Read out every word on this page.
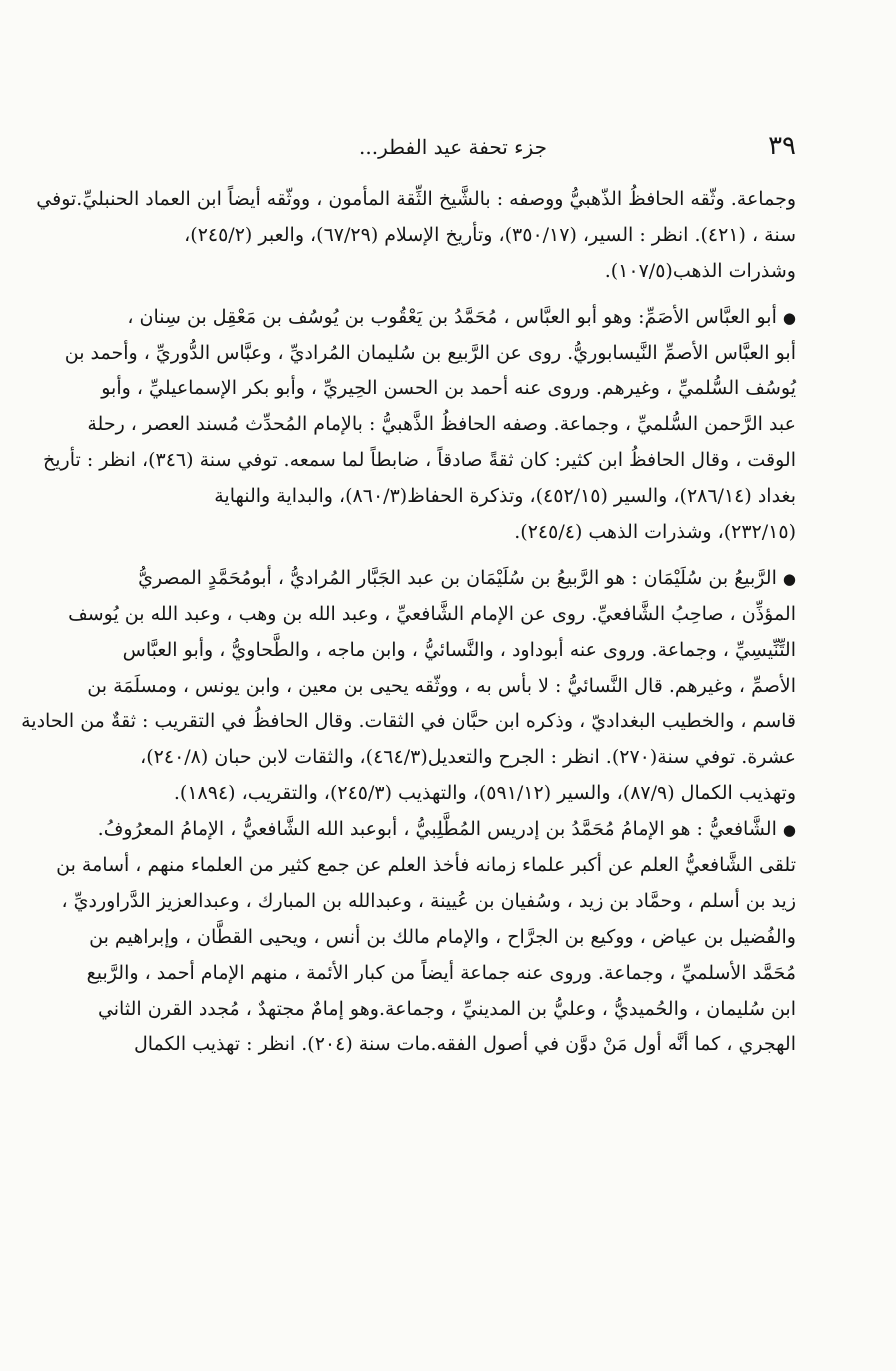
٣٩
جزء تحفة عيد الفطر...
وجماعة. وثّقه الحافظُ الذّهبيُّ ووصفه : بالشَّيخ الثِّقة المأمون ، ووثّقه أيضاً ابن العماد الحنبليِّ.توفي
سنة ، (٤٢١). انظر : السير، (٣٥٠/١٧)، وتأريخ الإسلام (٦٧/٢٩)، والعبر (٢٤٥/٢)،
وشذرات الذهب(١٠٧/٥).
● أبو العبَّاس الأصَمِّ: وهو أبو العبَّاس ، مُحَمَّدُ بن يَعْقُوب بن يُوسُف بن مَعْقِل بن سِنان ،
أبو العبَّاس الأصمِّ النَّيسابوريُّ. روى عن الرَّبيع بن سُليمان المُراديِّ ، وعبَّاس الدُّوريِّ ، وأحمد بن
يُوسُف السُّلميِّ ، وغيرهم. وروى عنه أحمد بن الحسن الحِيريِّ ، وأبو بكر الإسماعيليِّ ، وأبو
عبد الرَّحمن السُّلميِّ ، وجماعة. وصفه الحافظُ الذَّهبيُّ : بالإمام المُحدِّث مُسند العصر ، رحلة
الوقت ، وقال الحافظُ ابن كثير: كان ثقةً صادقاً ، ضابطاً لما سمعه. توفي سنة (٣٤٦)، انظر : تأريخ
بغداد (٢٨٦/١٤)، والسير (٤٥٢/١٥)، وتذكرة الحفاظ(٨٦٠/٣)، والبداية والنهاية
(٢٣٢/١٥)، وشذرات الذهب (٢٤٥/٤).
● الرَّبيعُ بن سُلَيْمَان : هو الرَّبيعُ بن سُلَيْمَان بن عبد الجَبَّار المُراديُّ ، أبومُحَمَّدٍ المصريُّ
المؤذِّن ، صاحِبُ الشَّافعيِّ. روى عن الإمام الشَّافعيِّ ، وعبد الله بن وهب ، وعبد الله بن يُوسف
التِّنِّيسِيِّ ، وجماعة. وروى عنه أبوداود ، والنَّسائيُّ ، وابن ماجه ، والطَّحاويُّ ، وأبو العبَّاس
الأصمِّ ، وغيرهم. قال النَّسائيُّ : لا بأس به ، ووثّقه يحيى بن معين ، وابن يونس ، ومسلَمَة بن
قاسم ، والخطيب البغداديّ ، وذكره ابن حبَّان في الثقات. وقال الحافظُ في التقريب : ثقةٌ من الحادية
عشرة. توفي سنة(٢٧٠). انظر : الجرح والتعديل(٤٦٤/٣)، والثقات لابن حبان (٢٤٠/٨)،
وتهذيب الكمال (٨٧/٩)، والسير (٥٩١/١٢)، والتهذيب (٢٤٥/٣)، والتقريب، (١٨٩٤).
● الشَّافعيُّ : هو الإمامُ مُحَمَّدُ بن إدريس المُطَّلِبيُّ ، أبوعبد الله الشَّافعيُّ ، الإمامُ المعرُوفُ.
تلقى الشَّافعيُّ العلم عن أكبر علماء زمانه فأخذ العلم عن جمع كثير من العلماء منهم ، أسامة بن
زيد بن أسلم ، وحمَّاد بن زيد ، وسُفيان بن عُيينة ، وعبدالله بن المبارك ، وعبدالعزيز الدَّراورديِّ ،
والفُضيل بن عياض ، ووكيع بن الجرَّاح ، والإمام مالك بن أنس ، ويحيى القطَّان ، وإبراهيم بن
مُحَمَّد الأسلميِّ ، وجماعة. وروى عنه جماعة أيضاً من كبار الأئمة ، منهم الإمام أحمد ، والرَّبيع
ابن سُليمان ، والحُميديُّ ، وعليُّ بن المدينيِّ ، وجماعة.وهو إمامٌ مجتهدٌ ، مُجدد القرن الثاني
الهجري ، كما أنَّه أول مَنْ دوَّن في أصول الفقه.مات سنة (٢٠٤). انظر : تهذيب الكمال
